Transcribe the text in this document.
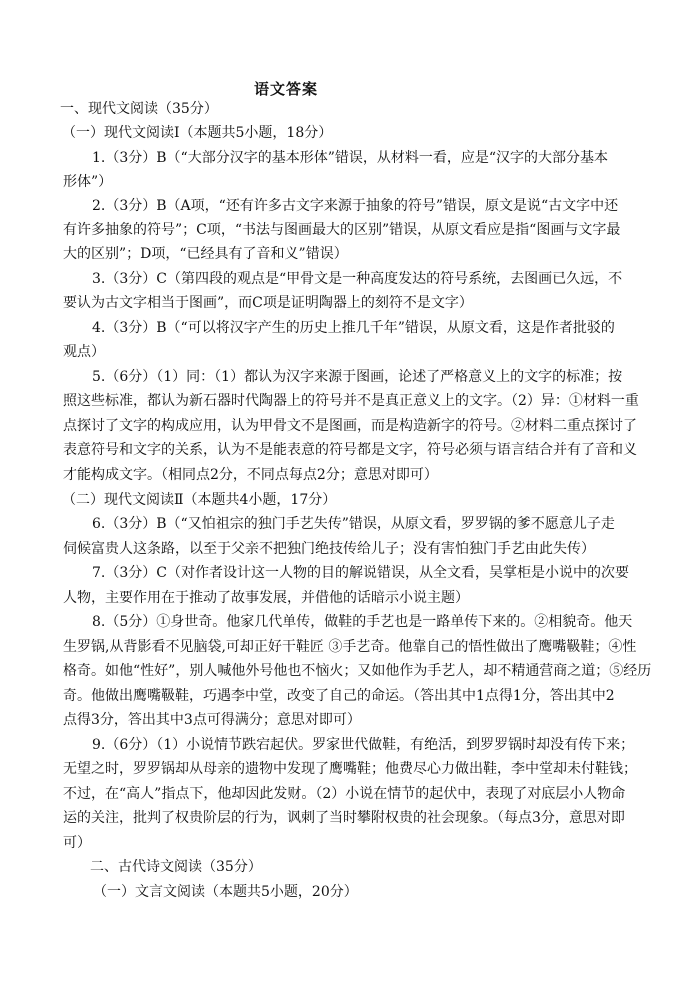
语文答案
一、现代文阅读（35分）
（一）现代文阅读Ⅰ（本题共5小题，18分）
1.（3分）B（“大部分汉字的基本形体”错误，从材料一看，应是“汉字的大部分基本
形体”）
2.（3分）B（A项，“还有许多古文字来源于抽象的符号”错误，原文是说“古文字中还
有许多抽象的符号”；C项，“书法与图画最大的区别”错误，从原文看应是指“图画与文字最
大的区别”；D项，“已经具有了音和义”错误）
3.（3分）C（第四段的观点是“甲骨文是一种高度发达的符号系统，去图画已久远，不
要认为古文字相当于图画”，而C项是证明陶器上的刻符不是文字）
4.（3分）B（“可以将汉字产生的历史上推几千年”错误，从原文看，这是作者批驳的
观点）
5.（6分）（1）同：（1）都认为汉字来源于图画，论述了严格意义上的文字的标准；按
照这些标准，都认为新石器时代陶器上的符号并不是真正意义上的文字。（2）异：①材料一重
点探讨了文字的构成应用，认为甲骨文不是图画，而是构造新字的符号。②材料二重点探讨了
表意符号和文字的关系，认为不是能表意的符号都是文字，符号必须与语言结合并有了音和义
才能构成文字。（相同点2分，不同点每点2分；意思对即可）
（二）现代文阅读Ⅱ（本题共4小题，17分）
6.（3分）B（“又怕祖宗的独门手艺失传”错误，从原文看，罗罗锅的爹不愿意儿子走
伺候富贵人这条路，以至于父亲不把独门绝技传给儿子；没有害怕独门手艺由此失传）
7.（3分）C（对作者设计这一人物的目的解说错误，从全文看，吴掌柜是小说中的次要
人物，主要作用在于推动了故事发展，并借他的话暗示小说主题）
8.（5分）①身世奇。他家几代单传，做鞋的手艺也是一路单传下来的。②相貌奇。他天
生罗锅,从背影看不见脑袋,可却正好干鞋匠 ③手艺奇。他靠自己的悟性做出了鹰嘴靸鞋；④性
格奇。如他“性好”，别人喊他外号他也不恼火；又如他作为手艺人，却不精通营商之道；⑤经历
奇。他做出鹰嘴靸鞋，巧遇李中堂，改变了自己的命运。（答出其中1点得1分，答出其中2
点得3分，答出其中3点可得满分；意思对即可）
9.（6分）（1）小说情节跌宕起伏。罗家世代做鞋，有绝活，到罗罗锅时却没有传下来；
无望之时，罗罗锅却从母亲的遗物中发现了鹰嘴鞋；他费尽心力做出鞋，李中堂却未付鞋钱；
不过，在“高人”指点下，他却因此发财。（2）小说在情节的起伏中，表现了对底层小人物命
运的关注，批判了权贵阶层的行为，讽刺了当时攀附权贵的社会现象。（每点3分，意思对即
可）
二、古代诗文阅读（35分）
（一）文言文阅读（本题共5小题，20分）
